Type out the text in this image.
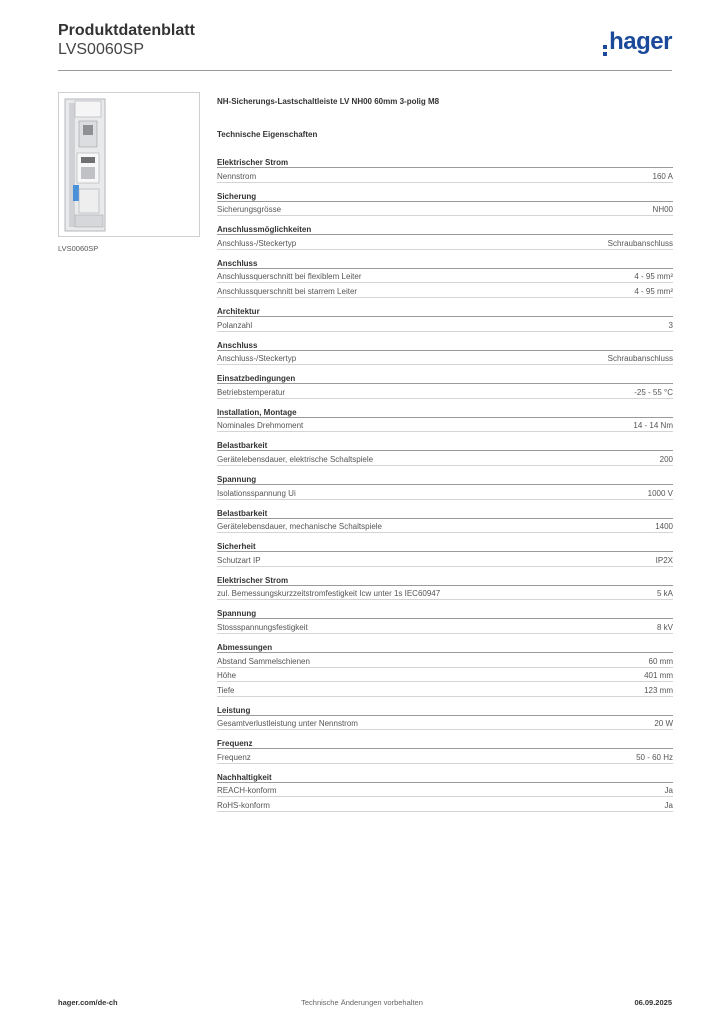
Produktdatenblatt
LVS0060SP	hager
LVS0060SP
NH-Sicherungs-Lastschaltleiste LV NH00 60mm 3-polig M8
Technische Eigenschaften
Elektrischer Strom
Nennstrom	160 A
Sicherung
Sicherungsgrösse	NH00
Anschlussmöglichkeiten
Anschluss-/Steckertyp	Schraubanschluss
Anschluss
Anschlussquerschnitt bei flexiblem Leiter	4 - 95 mm²
Anschlussquerschnitt bei starrem Leiter	4 - 95 mm²
Architektur
Polanzahl	3
Anschluss
Anschluss-/Steckertyp	Schraubanschluss
Einsatzbedingungen
Betriebstemperatur	-25 - 55 °C
Installation, Montage
Nominales Drehmoment	14 - 14 Nm
Belastbarkeit
Gerätelebensdauer, elektrische Schaltspiele	200
Spannung
Isolationsspannung Ui	1000 V
Belastbarkeit
Gerätelebensdauer, mechanische Schaltspiele	1400
Sicherheit
Schutzart IP	IP2X
Elektrischer Strom
zul. Bemessungskurzzeitstromfestigkeit Icw unter 1s IEC60947	5 kA
Spannung
Stossspannungsfestigkeit	8 kV
Abmessungen
Abstand Sammelschienen	60 mm
Höhe	401 mm
Tiefe	123 mm
Leistung
Gesamtverlustleistung unter Nennstrom	20 W
Frequenz
Frequenz	50 - 60 Hz
Nachhaltigkeit
REACH-konform	Ja
RoHS-konform	Ja
hager.com/de-ch	Technische Änderungen vorbehalten	06.09.2025
